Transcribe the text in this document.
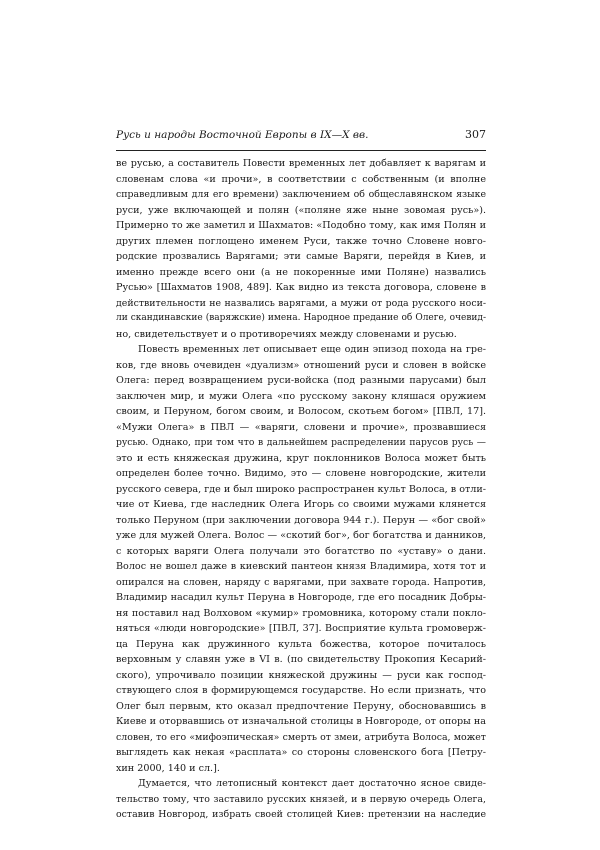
Русь и народы Восточной Европы в IX—X вв.	307
ве русью, а составитель Повести временных лет добавляет к варягам и
словенам слова «и прочи», в соответствии с собственным (и вполне
справедливым для его времени) заключением об общеславянском языке
руси, уже включающей и полян («поляне яже ныне зовомая русь»).
Примерно то же заметил и Шахматов: «Подобно тому, как имя Полян и
других племен поглощено именем Руси, также точно Словене новго-
родские прозвались Варягами; эти самые Варяги, перейдя в Киев, и
именно прежде всего они (а не покоренные ими Поляне) назвались
Русью» [Шахматов 1908, 489]. Как видно из текста договора, словене в
действительности не назвались варягами, а мужи от рода русского носи-
ли скандинавские (варяжские) имена. Народное предание об Олеге, очевид-
но, свидетельствует и о противоречиях между словенами и русью.
Повесть временных лет описывает еще один эпизод похода на гре-
ков, где вновь очевиден «дуализм» отношений руси и словен в войске
Олега: перед возвращением руси-войска (под разными парусами) был
заключен мир, и мужи Олега «по русскому закону кляшася оружием
своим, и Перуном, богом своим, и Волосом, скотьем богом» [ПВЛ, 17].
«Мужи Олега» в ПВЛ — «варяги, словени и прочие», прозвавшиеся
русью. Однако, при том что в дальнейшем распределении парусов русь —
это и есть княжеская дружина, круг поклонников Волоса может быть
определен более точно. Видимо, это — словене новгородские, жители
русского севера, где и был широко распространен культ Волоса, в отли-
чие от Киева, где наследник Олега Игорь со своими мужами клянется
только Перуном (при заключении договора 944 г.). Перун — «бог свой»
уже для мужей Олега. Волос — «скотий бог», бог богатства и данников,
с которых варяги Олега получали это богатство по «уставу» о дани.
Волос не вошел даже в киевский пантеон князя Владимира, хотя тот и
опирался на словен, наряду с варягами, при захвате города. Напротив,
Владимир насадил культ Перуна в Новгороде, где его посадник Добры-
ня поставил над Волховом «кумир» громовника, которому стали покло-
няться «люди новгородские» [ПВЛ, 37]. Восприятие культа громоверж-
ца Перуна как дружинного культа божества, которое почиталось
верховным у славян уже в VI в. (по свидетельству Прокопия Кесарий-
ского), упрочивало позиции княжеской дружины — руси как господ-
ствующего слоя в формирующемся государстве. Но если признать, что
Олег был первым, кто оказал предпочтение Перуну, обосновавшись в
Киеве и оторвавшись от изначальной столицы в Новгороде, от опоры на
словен, то его «мифоэпическая» смерть от змеи, атрибута Волоса, может
выглядеть как некая «расплата» со стороны словенского бога [Петру-
хин 2000, 140 и сл.].
Думается, что летописный контекст дает достаточно ясное свиде-
тельство тому, что заставило русских князей, и в первую очередь Олега,
оставив Новгород, избрать своей столицей Киев: претензии на наследие
